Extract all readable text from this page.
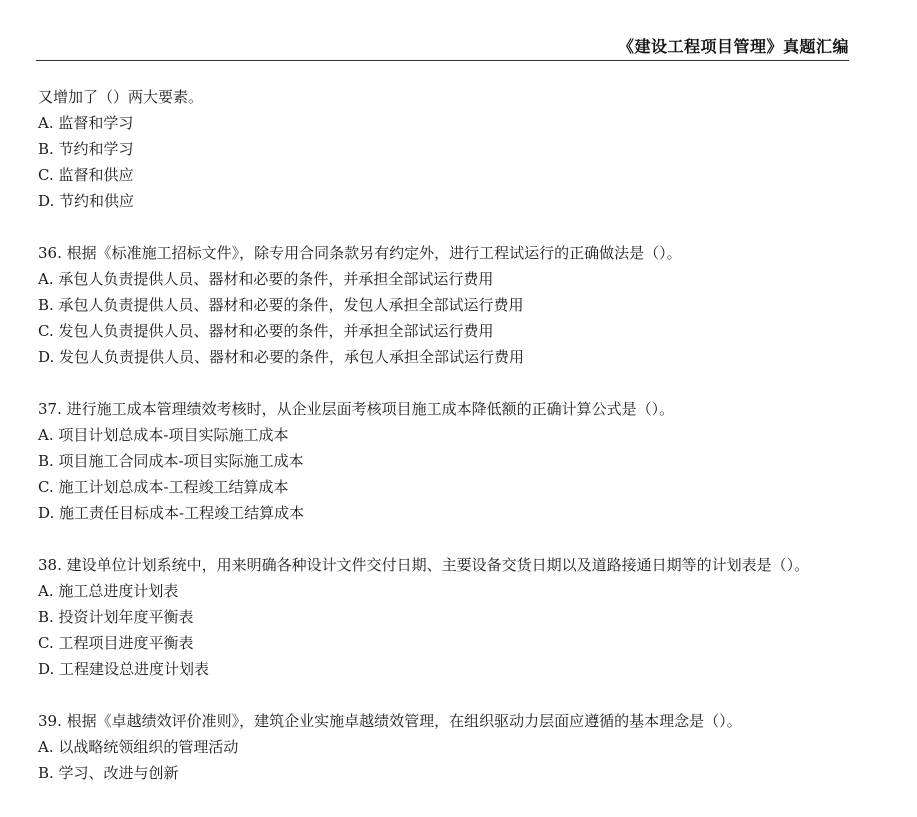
《建设工程项目管理》真题汇编
又增加了（）两大要素。
A. 监督和学习
B. 节约和学习
C. 监督和供应
D. 节约和供应
36. 根据《标准施工招标文件》，除专用合同条款另有约定外，进行工程试运行的正确做法是（）。
A. 承包人负责提供人员、器材和必要的条件，并承担全部试运行费用
B. 承包人负责提供人员、器材和必要的条件，发包人承担全部试运行费用
C. 发包人负责提供人员、器材和必要的条件，并承担全部试运行费用
D. 发包人负责提供人员、器材和必要的条件，承包人承担全部试运行费用
37. 进行施工成本管理绩效考核时，从企业层面考核项目施工成本降低额的正确计算公式是（）。
A. 项目计划总成本-项目实际施工成本
B. 项目施工合同成本-项目实际施工成本
C. 施工计划总成本-工程竣工结算成本
D. 施工责任目标成本-工程竣工结算成本
38. 建设单位计划系统中，用来明确各种设计文件交付日期、主要设备交货日期以及道路接通日期等的计划表是（）。
A. 施工总进度计划表
B. 投资计划年度平衡表
C. 工程项目进度平衡表
D. 工程建设总进度计划表
39. 根据《卓越绩效评价准则》，建筑企业实施卓越绩效管理，在组织驱动力层面应遵循的基本理念是（）。
A. 以战略统领组织的管理活动
B. 学习、改进与创新
